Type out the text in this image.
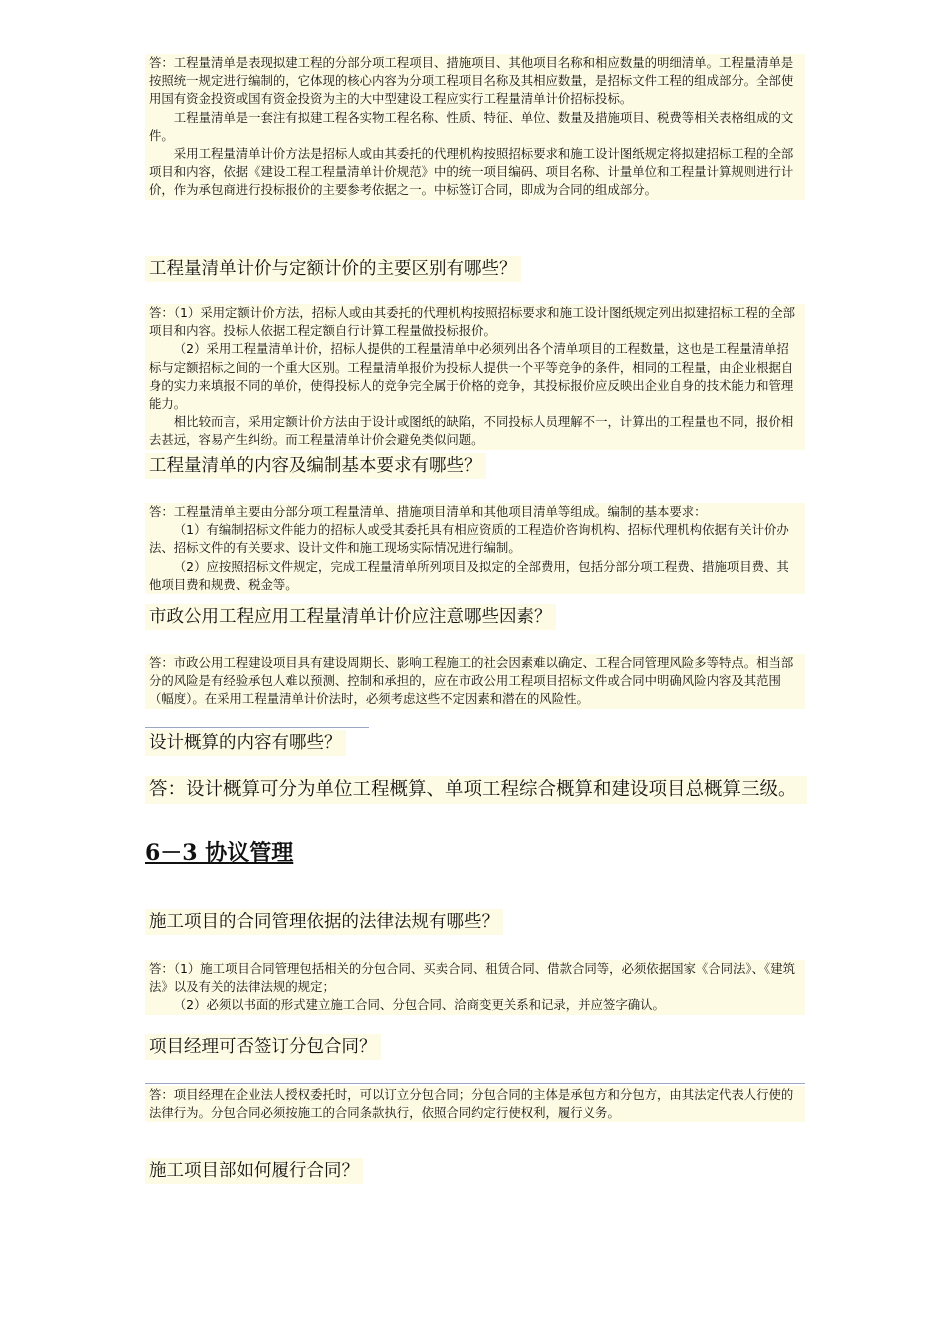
答：工程量清单是表现拟建工程的分部分项工程项目、措施项目、其他项目名称和相应数量的明细清单。工程量清单是按照统一规定进行编制的，它体现的核心内容为分项工程项目名称及其相应数量，是招标文件工程的组成部分。全部使用国有资金投资或国有资金投资为主的大中型建设工程应实行工程量清单计价招标投标。

工程量清单是一套注有拟建工程各实物工程名称、性质、特征、单位、数量及措施项目、税费等相关表格组成的文件。

采用工程量清单计价方法是招标人或由其委托的代理机构按照招标要求和施工设计图纸规定将拟建招标工程的全部项目和内容，依据《建设工程工程量清单计价规范》中的统一项目编码、项目名称、计量单位和工程量计算规则进行计价，作为承包商进行投标报价的主要参考依据之一。中标签订合同，即成为合同的组成部分。

工程量清单计价与定额计价的主要区别有哪些？

答：（1）采用定额计价方法，招标人或由其委托的代理机构按照招标要求和施工设计图纸规定列出拟建招标工程的全部项目和内容。投标人依据工程定额自行计算工程量做投标报价。

（2）采用工程量清单计价，招标人提供的工程量清单中必须列出各个清单项目的工程数量，这也是工程量清单招标与定额招标之间的一个重大区别。工程量清单报价为投标人提供一个平等竞争的条件，相同的工程量，由企业根据自身的实力来填报不同的单价，使得投标人的竞争完全属于价格的竞争，其投标报价应反映出企业自身的技术能力和管理能力。

相比较而言，采用定额计价方法由于设计或图纸的缺陷，不同投标人员理解不一，计算出的工程量也不同，报价相去甚远，容易产生纠纷。而工程量清单计价会避免类似问题。

工程量清单的内容及编制基本要求有哪些？

答：工程量清单主要由分部分项工程量清单、措施项目清单和其他项目清单等组成。编制的基本要求：

（1）有编制招标文件能力的招标人或受其委托具有相应资质的工程造价咨询机构、招标代理机构依据有关计价办法、招标文件的有关要求、设计文件和施工现场实际情况进行编制。

（2）应按照招标文件规定，完成工程量清单所列项目及拟定的全部费用，包括分部分项工程费、措施项目费、其他项目费和规费、税金等。

市政公用工程应用工程量清单计价应注意哪些因素？

答：市政公用工程建设项目具有建设周期长、影响工程施工的社会因素难以确定、工程合同管理风险多等特点。相当部分的风险是有经验承包人难以预测、控制和承担的，应在市政公用工程项目招标文件或合同中明确风险内容及其范围（幅度）。在采用工程量清单计价法时，必须考虑这些不定因素和潜在的风险性。

设计概算的内容有哪些？
答：设计概算可分为单位工程概算、单项工程综合概算和建设项目总概算三级。
6－3 协议管理
施工项目的合同管理依据的法律法规有哪些？

答：（1）施工项目合同管理包括相关的分包合同、买卖合同、租赁合同、借款合同等，必须依据国家《合同法》、《建筑法》以及有关的法律法规的规定；

（2）必须以书面的形式建立施工合同、分包合同、洽商变更关系和记录，并应签字确认。

项目经理可否签订分包合同？

答：项目经理在企业法人授权委托时，可以订立分包合同；分包合同的主体是承包方和分包方，由其法定代表人行使的法律行为。分包合同必须按施工的合同条款执行，依照合同约定行使权利，履行义务。

施工项目部如何履行合同？
